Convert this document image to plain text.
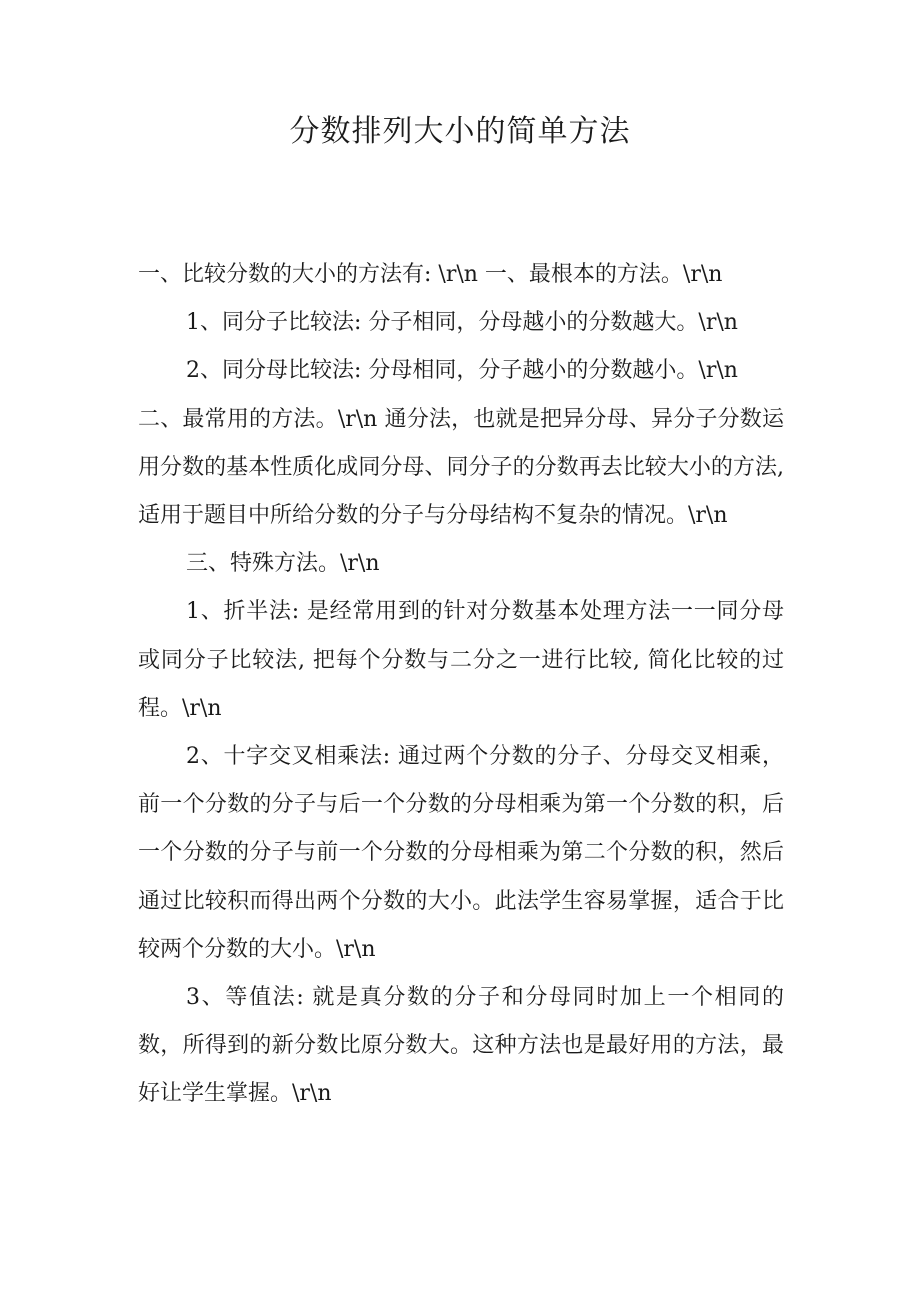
分数排列大小的简单方法

一、比较分数的大小的方法有: \r\n 一、最根本的方法。\r\n

1、同分子比较法: 分子相同，分母越小的分数越大。\r\n

2、同分母比较法: 分母相同，分子越小的分数越小。\r\n

二、最常用的方法。\r\n 通分法，也就是把异分母、异分子分数运用分数的基本性质化成同分母、同分子的分数再去比较大小的方法, 适用于题目中所给分数的分子与分母结构不复杂的情况。\r\n

三、特殊方法。\r\n

1、折半法: 是经常用到的针对分数基本处理方法一一同分母或同分子比较法, 把每个分数与二分之一进行比较, 简化比较的过程。\r\n

2、十字交叉相乘法: 通过两个分数的分子、分母交叉相乘，前一个分数的分子与后一个分数的分母相乘为第一个分数的积，后一个分数的分子与前一个分数的分母相乘为第二个分数的积，然后通过比较积而得出两个分数的大小。此法学生容易掌握，适合于比较两个分数的大小。\r\n

3、等值法: 就是真分数的分子和分母同时加上一个相同的数，所得到的新分数比原分数大。这种方法也是最好用的方法，最好让学生掌握。\r\n
